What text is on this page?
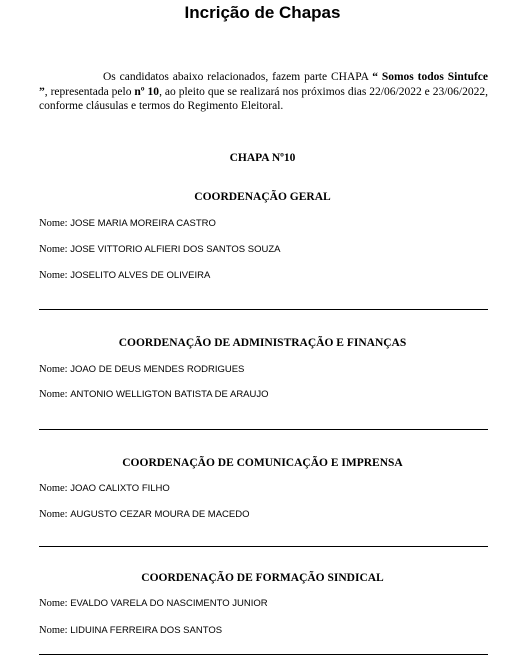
Incrição de Chapas
Os candidatos abaixo relacionados, fazem parte CHAPA “ Somos todos Sintufce ”, representada pelo nº 10, ao pleito que se realizará nos próximos dias 22/06/2022 e 23/06/2022, conforme cláusulas e termos do Regimento Eleitoral.
CHAPA Nº10
COORDENAÇÃO GERAL
Nome: JOSE MARIA MOREIRA CASTRO
Nome: JOSE VITTORIO ALFIERI DOS SANTOS SOUZA
Nome: JOSELITO ALVES DE OLIVEIRA
COORDENAÇÃO DE ADMINISTRAÇÃO E FINANÇAS
Nome: JOAO DE DEUS MENDES RODRIGUES
Nome: ANTONIO WELLIGTON BATISTA DE ARAUJO
COORDENAÇÃO DE COMUNICAÇÃO E IMPRENSA
Nome: JOAO CALIXTO FILHO
Nome: AUGUSTO CEZAR MOURA DE MACEDO
COORDENAÇÃO DE FORMAÇÃO SINDICAL
Nome: EVALDO VARELA DO NASCIMENTO JUNIOR
Nome: LIDUINA FERREIRA DOS SANTOS
